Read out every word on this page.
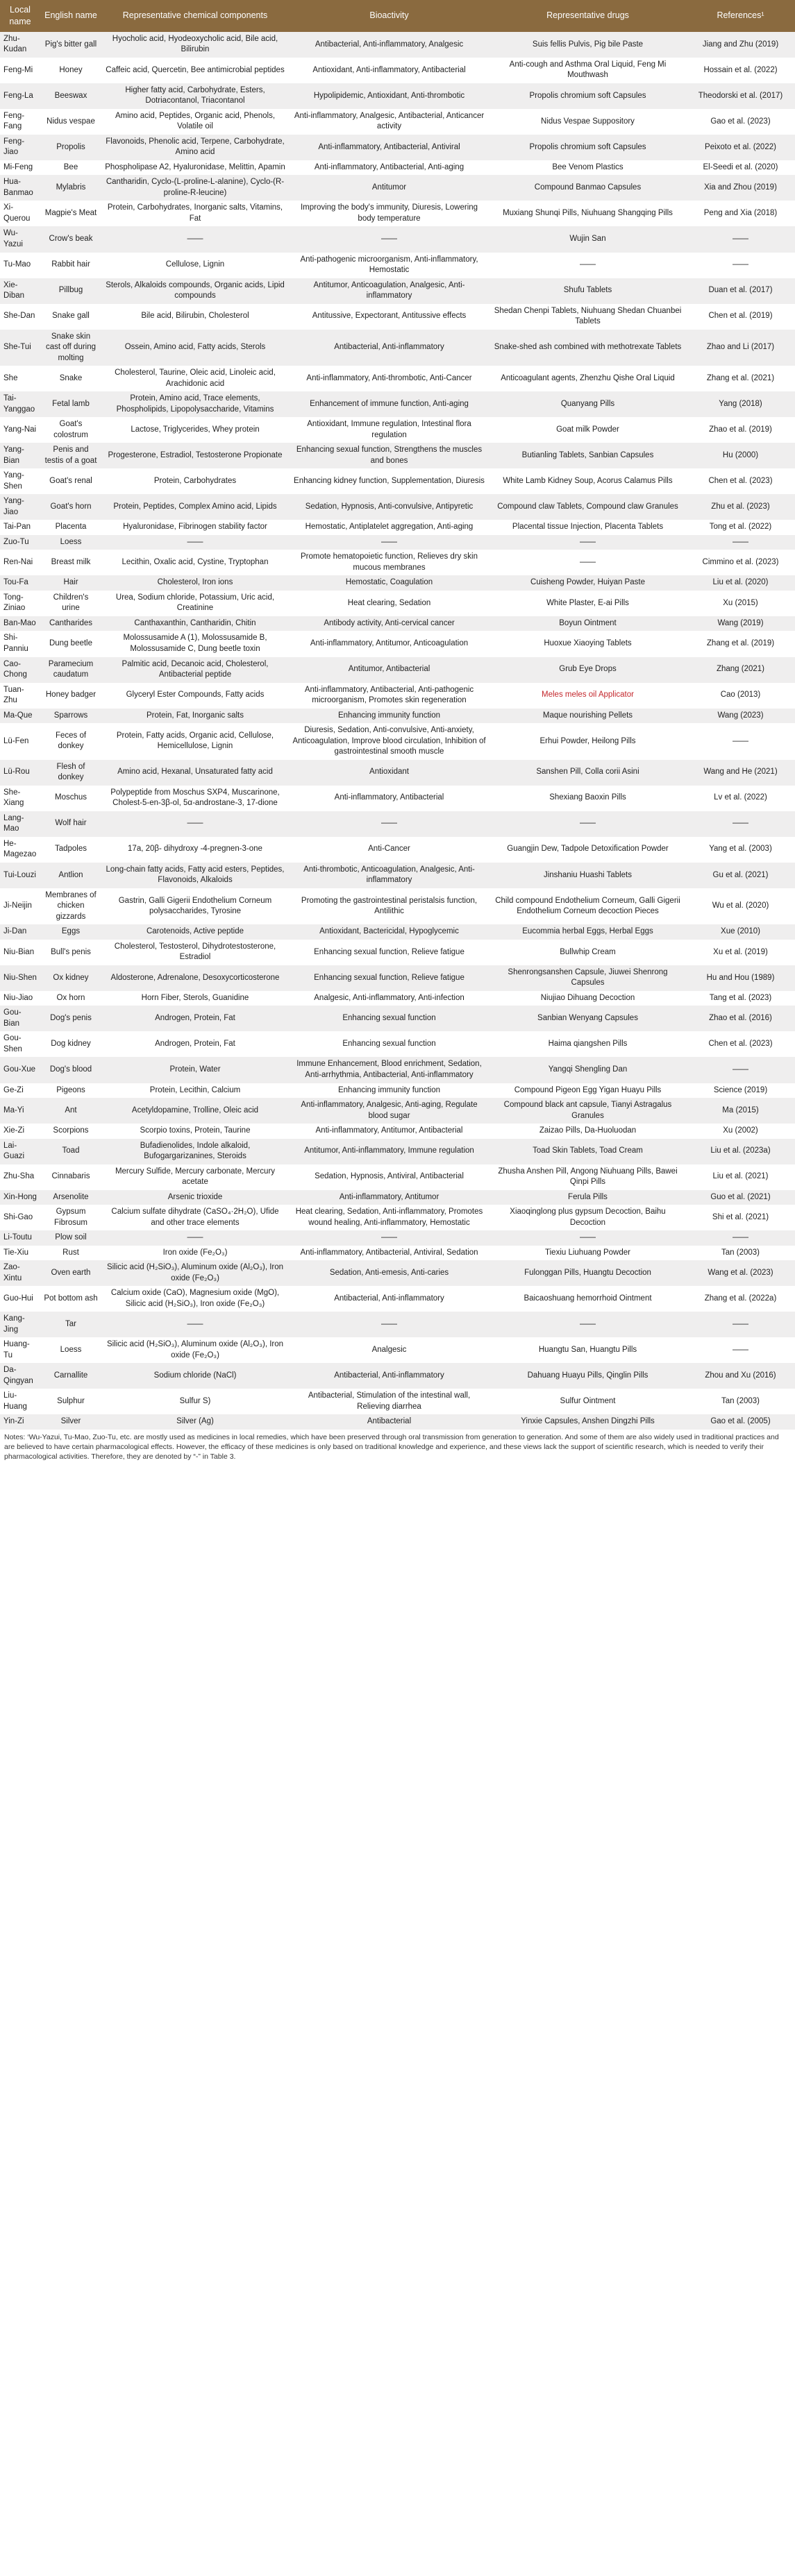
Local name	English name	Representative chemical components	Bioactivity	Representative drugs	References¹
Zhu-Kudan	Pig's bitter gall	Hyocholic acid, Hyodeoxycholic acid, Bile acid, Bilirubin	Antibacterial, Anti-inflammatory, Analgesic	Suis fellis Pulvis, Pig bile Paste	Jiang and Zhu (2019)
Feng-Mi	Honey	Caffeic acid, Quercetin, Bee antimicrobial peptides	Antioxidant, Anti-inflammatory, Antibacterial	Anti-cough and Asthma Oral Liquid, Feng Mi Mouthwash	Hossain et al. (2022)
Feng-La	Beeswax	Higher fatty acid, Carbohydrate, Esters, Dotriacontanol, Triacontanol	Hypolipidemic, Antioxidant, Anti-thrombotic	Propolis chromium soft Capsules	Theodorski et al. (2017)
Feng-Fang	Nidus vespae	Amino acid, Peptides, Organic acid, Phenols, Volatile oil	Anti-inflammatory, Analgesic, Antibacterial, Anticancer activity	Nidus Vespae Suppository	Gao et al. (2023)
Feng-Jiao	Propolis	Flavonoids, Phenolic acid, Terpene, Carbohydrate, Amino acid	Anti-inflammatory, Antibacterial, Antiviral	Propolis chromium soft Capsules	Peixoto et al. (2022)
Mi-Feng	Bee	Phospholipase A2, Hyaluronidase, Melittin, Apamin	Anti-inflammatory, Antibacterial, Anti-aging	Bee Venom Plastics	El-Seedi et al. (2020)
Hua-Banmao	Mylabris	Cantharidin, Cyclo-(L-proline-L-alanine), Cyclo-(R-proline-R-leucine)	Antitumor	Compound Banmao Capsules	Xia and Zhou (2019)
Xi-Querou	Magpie's Meat	Protein, Carbohydrates, Inorganic salts, Vitamins, Fat	Improving the body's immunity, Diuresis, Lowering body temperature	Muxiang Shunqi Pills, Niuhuang Shangqing Pills	Peng and Xia (2018)
Wu-Yazui	Crow's beak	——	——	Wujin San	——
Tu-Mao	Rabbit hair	Cellulose, Lignin	Anti-pathogenic microorganism, Anti-inflammatory, Hemostatic	——	——
Xie-Diban	Pillbug	Sterols, Alkaloids compounds, Organic acids, Lipid compounds	Antitumor, Anticoagulation, Analgesic, Anti-inflammatory	Shufu Tablets	Duan et al. (2017)
She-Dan	Snake gall	Bile acid, Bilirubin, Cholesterol	Antitussive, Expectorant, Antitussive effects	Shedan Chenpi Tablets, Niuhuang Shedan Chuanbei Tablets	Chen et al. (2019)
She-Tui	Snake skin cast off during molting	Ossein, Amino acid, Fatty acids, Sterols	Antibacterial, Anti-inflammatory	Snake-shed ash combined with methotrexate Tablets	Zhao and Li (2017)
She	Snake	Cholesterol, Taurine, Oleic acid, Linoleic acid, Arachidonic acid	Anti-inflammatory, Anti-thrombotic, Anti-Cancer	Anticoagulant agents, Zhenzhu Qishe Oral Liquid	Zhang et al. (2021)
Tai-Yanggao	Fetal lamb	Protein, Amino acid, Trace elements, Phospholipids, Lipopolysaccharide, Vitamins	Enhancement of immune function, Anti-aging	Quanyang Pills	Yang (2018)
Yang-Nai	Goat's colostrum	Lactose, Triglycerides, Whey protein	Antioxidant, Immune regulation, Intestinal flora regulation	Goat milk Powder	Zhao et al. (2019)
Yang-Bian	Penis and testis of a goat	Progesterone, Estradiol, Testosterone Propionate	Enhancing sexual function, Strengthens the muscles and bones	Butianling Tablets, Sanbian Capsules	Hu (2000)
Yang-Shen	Goat's renal	Protein, Carbohydrates	Enhancing kidney function, Supplementation, Diuresis	White Lamb Kidney Soup, Acorus Calamus Pills	Chen et al. (2023)
Yang-Jiao	Goat's horn	Protein, Peptides, Complex Amino acid, Lipids	Sedation, Hypnosis, Anti-convulsive, Antipyretic	Compound claw Tablets, Compound claw Granules	Zhu et al. (2023)
Tai-Pan	Placenta	Hyaluronidase, Fibrinogen stability factor	Hemostatic, Antiplatelet aggregation, Anti-aging	Placental tissue Injection, Placenta Tablets	Tong et al. (2022)
Zuo-Tu	Loess	——	——	——	——
Ren-Nai	Breast milk	Lecithin, Oxalic acid, Cystine, Tryptophan	Promote hematopoietic function, Relieves dry skin mucous membranes	——	Cimmino et al. (2023)
Tou-Fa	Hair	Cholesterol, Iron ions	Hemostatic, Coagulation	Cuisheng Powder, Huiyan Paste	Liu et al. (2020)
Tong-Ziniao	Children's urine	Urea, Sodium chloride, Potassium, Uric acid, Creatinine	Heat clearing, Sedation	White Plaster, E-ai Pills	Xu (2015)
Ban-Mao	Cantharides	Canthaxanthin, Cantharidin, Chitin	Antibody activity, Anti-cervical cancer	Boyun Ointment	Wang (2019)
Shi-Panniu	Dung beetle	Molossusamide A (1), Molossusamide B, Molossusamide C, Dung beetle toxin	Anti-inflammatory, Antitumor, Anticoagulation	Huoxue Xiaoying Tablets	Zhang et al. (2019)
Cao-Chong	Paramecium caudatum	Palmitic acid, Decanoic acid, Cholesterol, Antibacterial peptide	Antitumor, Antibacterial	Grub Eye Drops	Zhang (2021)
Tuan-Zhu	Honey badger	Glyceryl Ester Compounds, Fatty acids	Anti-inflammatory, Antibacterial, Anti-pathogenic microorganism, Promotes skin regeneration	Meles meles oil Applicator	Cao (2013)
Ma-Que	Sparrows	Protein, Fat, Inorganic salts	Enhancing immunity function	Maque nourishing Pellets	Wang (2023)
Lü-Fen	Feces of donkey	Protein, Fatty acids, Organic acid, Cellulose, Hemicellulose, Lignin	Diuresis, Sedation, Anti-convulsive, Anti-anxiety, Anticoagulation, Improve blood circulation, Inhibition of gastrointestinal smooth muscle	Erhui Powder, Heilong Pills	——
Lü-Rou	Flesh of donkey	Amino acid, Hexanal, Unsaturated fatty acid	Antioxidant	Sanshen Pill, Colla corii Asini	Wang and He (2021)
She-Xiang	Moschus	Polypeptide from Moschus SXP4, Muscarinone, Cholest-5-en-3β-ol, 5α-androstane-3, 17-dione	Anti-inflammatory, Antibacterial	Shexiang Baoxin Pills	Lv et al. (2022)
Lang-Mao	Wolf hair	——	——	——	——
He-Magezao	Tadpoles	17a, 20β- dihydroxy -4-pregnen-3-one	Anti-Cancer	Guangjin Dew, Tadpole Detoxification Powder	Yang et al. (2003)
Tui-Louzi	Antlion	Long-chain fatty acids, Fatty acid esters, Peptides, Flavonoids, Alkaloids	Anti-thrombotic, Anticoagulation, Analgesic, Anti-inflammatory	Jinshaniu Huashi Tablets	Gu et al. (2021)
Ji-Neijin	Membranes of chicken gizzards	Gastrin, Galli Gigerii Endothelium Corneum polysaccharides, Tyrosine	Promoting the gastrointestinal peristalsis function, Antilithic	Child compound Endothelium Corneum, Galli Gigerii Endothelium Corneum decoction Pieces	Wu et al. (2020)
Ji-Dan	Eggs	Carotenoids, Active peptide	Antioxidant, Bactericidal, Hypoglycemic	Eucommia herbal Eggs, Herbal Eggs	Xue (2010)
Niu-Bian	Bull's penis	Cholesterol, Testosterol, Dihydrotestosterone, Estradiol	Enhancing sexual function, Relieve fatigue	Bullwhip Cream	Xu et al. (2019)
Niu-Shen	Ox kidney	Aldosterone, Adrenalone, Desoxycorticosterone	Enhancing sexual function, Relieve fatigue	Shenrongsanshen Capsule, Jiuwei Shenrong Capsules	Hu and Hou (1989)
Niu-Jiao	Ox horn	Horn Fiber, Sterols, Guanidine	Analgesic, Anti-inflammatory, Anti-infection	Niujiao Dihuang Decoction	Tang et al. (2023)
Gou-Bian	Dog's penis	Androgen, Protein, Fat	Enhancing sexual function	Sanbian Wenyang Capsules	Zhao et al. (2016)
Gou-Shen	Dog kidney	Androgen, Protein, Fat	Enhancing sexual function	Haima qiangshen Pills	Chen et al. (2023)
Gou-Xue	Dog's blood	Protein, Water	Immune Enhancement, Blood enrichment, Sedation, Anti-arrhythmia, Antibacterial, Anti-inflammatory	Yangqi Shengling Dan	——
Ge-Zi	Pigeons	Protein, Lecithin, Calcium	Enhancing immunity function	Compound Pigeon Egg Yigan Huayu Pills	Science (2019)
Ma-Yi	Ant	Acetyldopamine, Trolline, Oleic acid	Anti-inflammatory, Analgesic, Anti-aging, Regulate blood sugar	Compound black ant capsule, Tianyi Astragalus Granules	Ma (2015)
Xie-Zi	Scorpions	Scorpio toxins, Protein, Taurine	Anti-inflammatory, Antitumor, Antibacterial	Zaizao Pills, Da-Huoluodan	Xu (2002)
Lai-Guazi	Toad	Bufadienolides, Indole alkaloid, Bufogargarizanines, Steroids	Antitumor, Anti-inflammatory, Immune regulation	Toad Skin Tablets, Toad Cream	Liu et al. (2023a)
Zhu-Sha	Cinnabaris	Mercury Sulfide, Mercury carbonate, Mercury acetate	Sedation, Hypnosis, Antiviral, Antibacterial	Zhusha Anshen Pill, Angong Niuhuang Pills, Bawei Qinpi Pills	Liu et al. (2021)
Xin-Hong	Arsenolite	Arsenic trioxide	Anti-inflammatory, Antitumor	Ferula Pills	Guo et al. (2021)
Shi-Gao	Gypsum Fibrosum	Calcium sulfate dihydrate (CaSO₄·2H₂O), Ufide and other trace elements	Heat clearing, Sedation, Anti-inflammatory, Promotes wound healing, Anti-inflammatory, Hemostatic	Xiaoqinglong plus gypsum Decoction, Baihu Decoction	Shi et al. (2021)
Li-Toutu	Plow soil	——	——	——	——
Tie-Xiu	Rust	Iron oxide (Fe₂O₃)	Anti-inflammatory, Antibacterial, Antiviral, Sedation	Tiexiu Liuhuang Powder	Tan (2003)
Zao-Xintu	Oven earth	Silicic acid (H₂SiO₃), Aluminum oxide (Al₂O₃), Iron oxide (Fe₂O₃)	Sedation, Anti-emesis, Anti-caries	Fulonggan Pills, Huangtu Decoction	Wang et al. (2023)
Guo-Hui	Pot bottom ash	Calcium oxide (CaO), Magnesium oxide (MgO), Silicic acid (H₂SiO₃), Iron oxide (Fe₂O₃)	Antibacterial, Anti-inflammatory	Baicaoshuang hemorrhoid Ointment	Zhang et al. (2022a)
Kang-Jing	Tar	——	——	——	——
Huang-Tu	Loess	Silicic acid (H₂SiO₃), Aluminum oxide (Al₂O₃), Iron oxide (Fe₂O₃)	Analgesic	Huangtu San, Huangtu Pills	——
Da-Qingyan	Carnallite	Sodium chloride (NaCl)	Antibacterial, Anti-inflammatory	Dahuang Huayu Pills, Qinglin Pills	Zhou and Xu (2016)
Liu-Huang	Sulphur	Sulfur S)	Antibacterial, Stimulation of the intestinal wall, Relieving diarrhea	Sulfur Ointment	Tan (2003)
Yin-Zi	Silver	Silver (Ag)	Antibacterial	Yinxie Capsules, Anshen Dingzhi Pills	Gao et al. (2005)
Notes: ‘Wu-Yazui, Tu-Mao, Zuo-Tu, etc. are mostly used as medicines in local remedies, which have been preserved through oral transmission from generation to generation. And some of them are also widely used in traditional practices and are believed to have certain pharmacological effects. However, the efficacy of these medicines is only based on traditional knowledge and experience, and these views lack the support of scientific research, which is needed to verify their pharmacological activities. Therefore, they are denoted by “-” in Table 3.
